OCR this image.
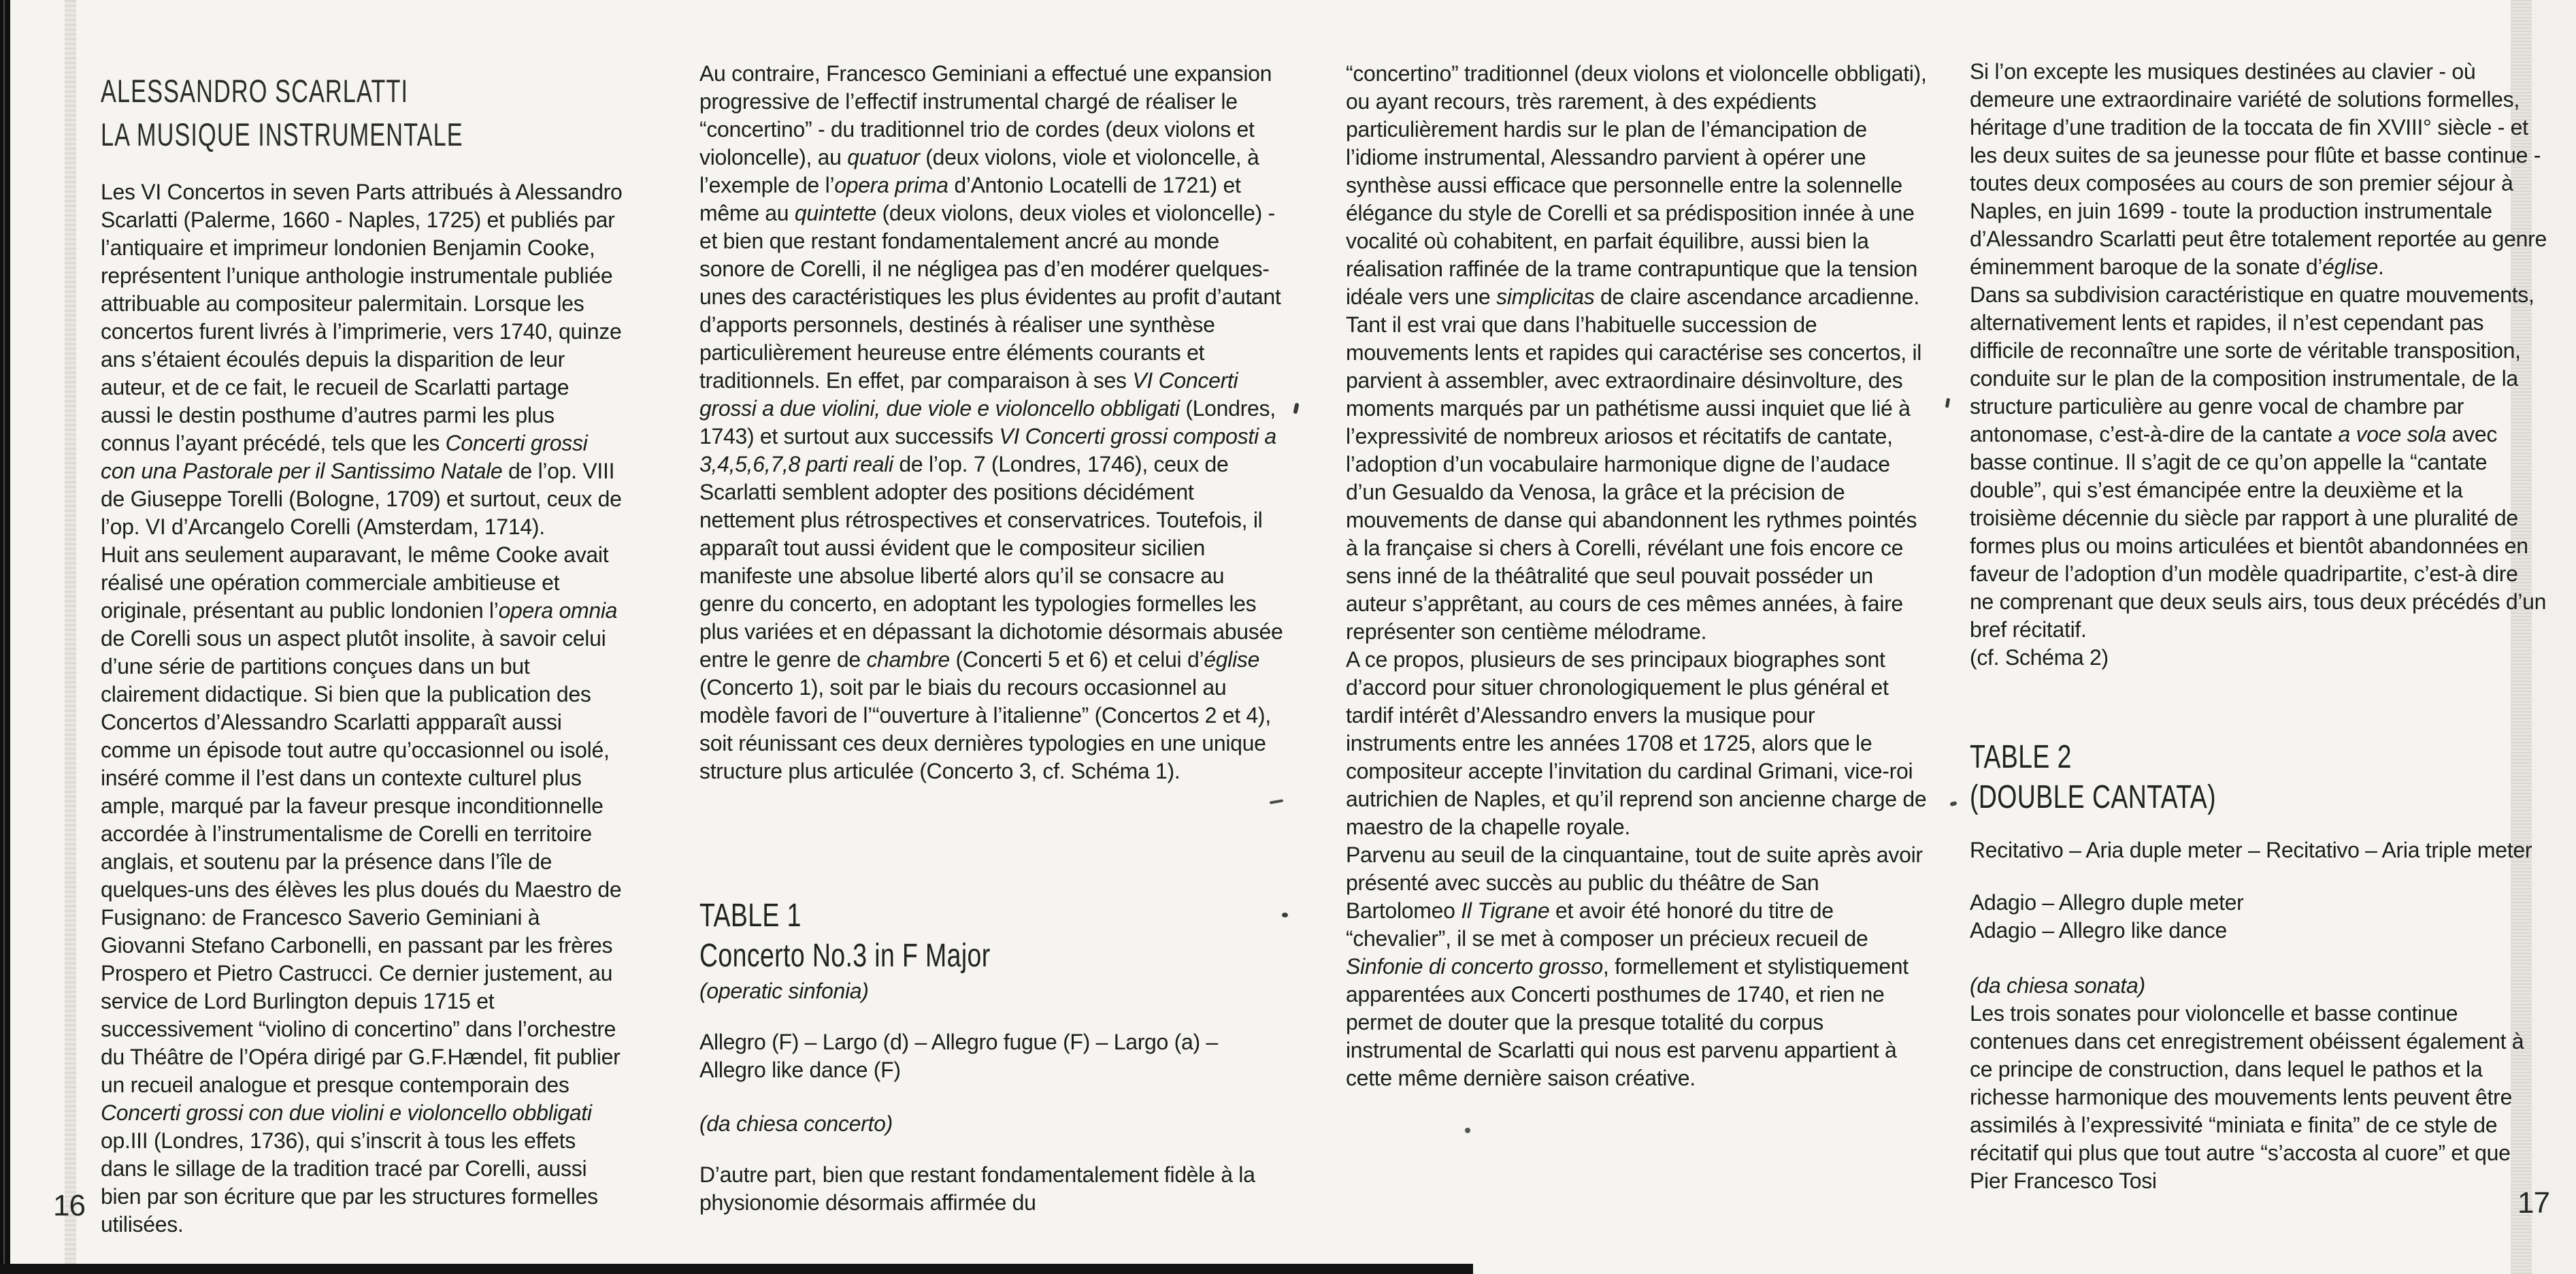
16	17
ALESSANDRO SCARLATTI
LA MUSIQUE INSTRUMENTALE

Les VI Concertos in seven Parts attribués à Alessandro Scarlatti (Palerme, 1660 - Naples, 1725) et publiés par l’antiquaire et imprimeur londonien Benjamin Cooke, représentent l’unique anthologie instrumentale publiée attribuable au compositeur palermitain. Lorsque les concertos furent livrés à l’imprimerie, vers 1740, quinze ans s’étaient écoulés depuis la disparition de leur auteur, et de ce fait, le recueil de Scarlatti partage aussi le destin posthume d’autres parmi les plus connus l’ayant précédé, tels que les Concerti grossi con una Pastorale per il Santissimo Natale de l’op. VIII de Giuseppe Torelli (Bologne, 1709) et surtout, ceux de l’op. VI d’Arcangelo Corelli (Amsterdam, 1714).

Huit ans seulement auparavant, le même Cooke avait réalisé une opération commerciale ambitieuse et originale, présentant au public londonien l’opera omnia de Corelli sous un aspect plutôt insolite, à savoir celui d’une série de partitions conçues dans un but clairement didactique. Si bien que la publication des Concertos d’Alessandro Scarlatti appparaît aussi comme un épisode tout autre qu’occasionnel ou isolé, inséré comme il l’est dans un contexte culturel plus ample, marqué par la faveur presque inconditionnelle accordée à l’instrumentalisme de Corelli en territoire anglais, et soutenu par la présence dans l’île de quelques-uns des élèves les plus doués du Maestro de Fusignano: de Francesco Saverio Geminiani à Giovanni Stefano Carbonelli, en passant par les frères Prospero et Pietro Castrucci. Ce dernier justement, au service de Lord Burlington depuis 1715 et successivement “violino di concertino” dans l’orchestre du Théâtre de l’Opéra dirigé par G.F.Hændel, fit publier un recueil analogue et presque contemporain des Concerti grossi con due violini e violoncello obbligati op.III (Londres, 1736), qui s’inscrit à tous les effets dans le sillage de la tradition tracé par Corelli, aussi bien par son écriture que par les structures formelles utilisées.

Au contraire, Francesco Geminiani a effectué une expansion progressive de l’effectif instrumental chargé de réaliser le “concertino” - du traditionnel trio de cordes (deux violons et violoncelle), au quatuor (deux violons, viole et violoncelle, à l’exemple de l’opera prima d’Antonio Locatelli de 1721) et même au quintette (deux violons, deux violes et violoncelle) - et bien que restant fondamentalement ancré au monde sonore de Corelli, il ne négligea pas d’en modérer quelques-unes des caractéristiques les plus évidentes au profit d’autant d’apports personnels, destinés à réaliser une synthèse particulièrement heureuse entre éléments courants et traditionnels. En effet, par comparaison à ses VI Concerti grossi a due violini, due viole e violoncello obbligati (Londres, 1743) et surtout aux successifs VI Concerti grossi composti a 3,4,5,6,7,8 parti reali de l’op. 7 (Londres, 1746), ceux de Scarlatti semblent adopter des positions décidément nettement plus rétrospectives et conservatrices. Toutefois, il apparaît tout aussi évident que le compositeur sicilien manifeste une absolue liberté alors qu’il se consacre au genre du concerto, en adoptant les typologies formelles les plus variées et en dépassant la dichotomie désormais abusée entre le genre de chambre (Concerti 5 et 6) et celui d’église (Concerto 1), soit par le biais du recours occasionnel au modèle favori de l’“ouverture à l’italienne” (Concertos 2 et 4), soit réunissant ces deux dernières typologies en une unique structure plus articulée (Concerto 3, cf. Schéma 1).

TABLE 1
Concerto No.3 in F Major
(operatic sinfonia)
Allegro (F) – Largo (d) – Allegro fugue (F) – Largo (a) – Allegro like dance (F)
(da chiesa concerto)
D’autre part, bien que restant fondamentalement fidèle à la physionomie désormais affirmée du

“concertino” traditionnel (deux violons et violoncelle obbligati), ou ayant recours, très rarement, à des expédients particulièrement hardis sur le plan de l’émancipation de l’idiome instrumental, Alessandro parvient à opérer une synthèse aussi efficace que personnelle entre la solennelle élégance du style de Corelli et sa prédisposition innée à une vocalité où cohabitent, en parfait équilibre, aussi bien la réalisation raffinée de la trame contrapuntique que la tension idéale vers une simplicitas de claire ascendance arcadienne.

Tant il est vrai que dans l’habituelle succession de mouvements lents et rapides qui caractérise ses concertos, il parvient à assembler, avec extraordinaire désinvolture, des moments marqués par un pathétisme aussi inquiet que lié à l’expressivité de nombreux ariosos et récitatifs de cantate, l’adoption d’un vocabulaire harmonique digne de l’audace d’un Gesualdo da Venosa, la grâce et la précision de mouvements de danse qui abandonnent les rythmes pointés à la française si chers à Corelli, révélant une fois encore ce sens inné de la théâtralité que seul pouvait posséder un auteur s’apprêtant, au cours de ces mêmes années, à faire représenter son centième mélodrame.

A ce propos, plusieurs de ses principaux biographes sont d’accord pour situer chronologiquement le plus général et tardif intérêt d’Alessandro envers la musique pour instruments entre les années 1708 et 1725, alors que le compositeur accepte l’invitation du cardinal Grimani, vice-roi autrichien de Naples, et qu’il reprend son ancienne charge de maestro de la chapelle royale.

Parvenu au seuil de la cinquantaine, tout de suite après avoir présenté avec succès au public du théâtre de San Bartolomeo Il Tigrane et avoir été honoré du titre de “chevalier”, il se met à composer un précieux recueil de Sinfonie di concerto grosso, formellement et stylistiquement apparentées aux Concerti posthumes de 1740, et rien ne permet de douter que la presque totalité du corpus instrumental de Scarlatti qui nous est parvenu appartient à cette même dernière saison créative.

Si l’on excepte les musiques destinées au clavier - où demeure une extraordinaire variété de solutions formelles, héritage d’une tradition de la toccata de fin XVIII° siècle - et les deux suites de sa jeunesse pour flûte et basse continue - toutes deux composées au cours de son premier séjour à Naples, en juin 1699 - toute la production instrumentale d’Alessandro Scarlatti peut être totalement reportée au genre éminemment baroque de la sonate d’église.

Dans sa subdivision caractéristique en quatre mouvements, alternativement lents et rapides, il n’est cependant pas difficile de reconnaître une sorte de véritable transposition, conduite sur le plan de la composition instrumentale, de la structure particulière au genre vocal de chambre par antonomase, c’est-à-dire de la cantate a voce sola avec basse continue. Il s’agit de ce qu’on appelle la “cantate double”, qui s’est émancipée entre la deuxième et la troisième décennie du siècle par rapport à une pluralité de formes plus ou moins articulées et bientôt abandonnées en faveur de l’adoption d’un modèle quadripartite, c’est-à dire ne comprenant que deux seuls airs, tous deux précédés d’un bref récitatif.

(cf. Schéma 2)

TABLE 2
(DOUBLE CANTATA)
Recitativo – Aria duple meter – Recitativo – Aria triple meter
Adagio – Allegro duple meter
Adagio – Allegro like dance
(da chiesa sonata)
Les trois sonates pour violoncelle et basse continue contenues dans cet enregistrement obéissent également à ce principe de construction, dans lequel le pathos et la richesse harmonique des mouvements lents peuvent être assimilés à l’expressivité “miniata e finita” de ce style de récitatif qui plus que tout autre “s’accosta al cuore” et que Pier Francesco Tosi
